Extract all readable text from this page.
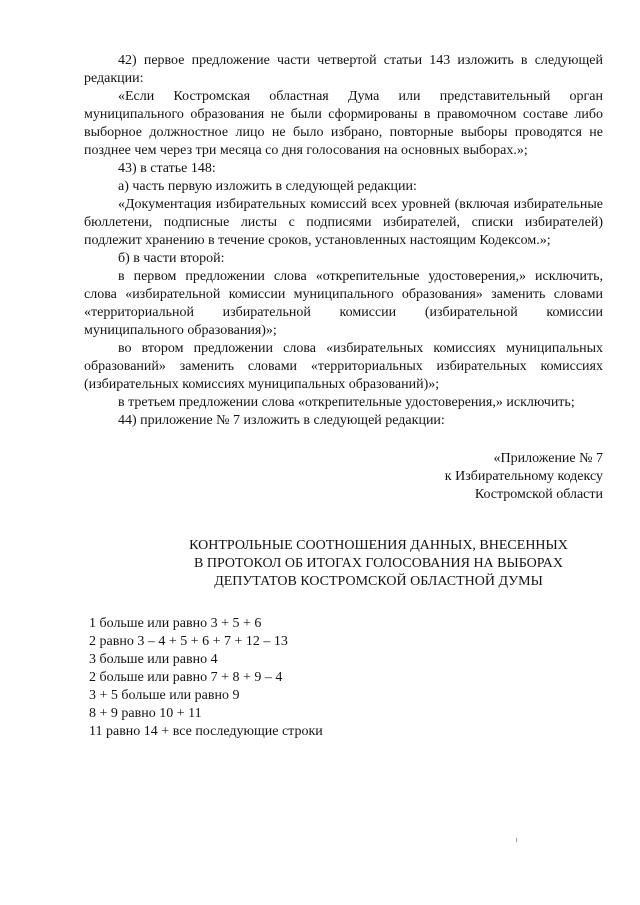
42) первое предложение части четвертой статьи 143 изложить в следующей редакции:

«Если Костромская областная Дума или представительный орган муниципального образования не были сформированы в правомочном составе либо выборное должностное лицо не было избрано, повторные выборы проводятся не позднее чем через три месяца со дня голосования на основных выборах.»;

43) в статье 148:

а) часть первую изложить в следующей редакции:

«Документация избирательных комиссий всех уровней (включая избирательные бюллетени, подписные листы с подписями избирателей, списки избирателей) подлежит хранению в течение сроков, установленных настоящим Кодексом.»;

б) в части второй:

в первом предложении слова «открепительные удостоверения,» исключить, слова «избирательной комиссии муниципального образования» заменить словами «территориальной избирательной комиссии (избирательной комиссии муниципального образования)»;

во втором предложении слова «избирательных комиссиях муниципальных образований» заменить словами «территориальных избирательных комиссиях (избирательных комиссиях муниципальных образований)»;

в третьем предложении слова «открепительные удостоверения,» исключить;

44) приложение № 7 изложить в следующей редакции:

«Приложение № 7
к Избирательному кодексу
Костромской области
КОНТРОЛЬНЫЕ СООТНОШЕНИЯ ДАННЫХ, ВНЕСЕННЫХ
В ПРОТОКОЛ ОБ ИТОГАХ ГОЛОСОВАНИЯ НА ВЫБОРАХ
ДЕПУТАТОВ КОСТРОМСКОЙ ОБЛАСТНОЙ ДУМЫ
1 больше или равно 3 + 5 + 6
2 равно 3 – 4 + 5 + 6 + 7 + 12 – 13
3 больше или равно 4
2 больше или равно 7 + 8 + 9 – 4
3 + 5 больше или равно 9
8 + 9 равно 10 + 11
11 равно 14 + все последующие строки
